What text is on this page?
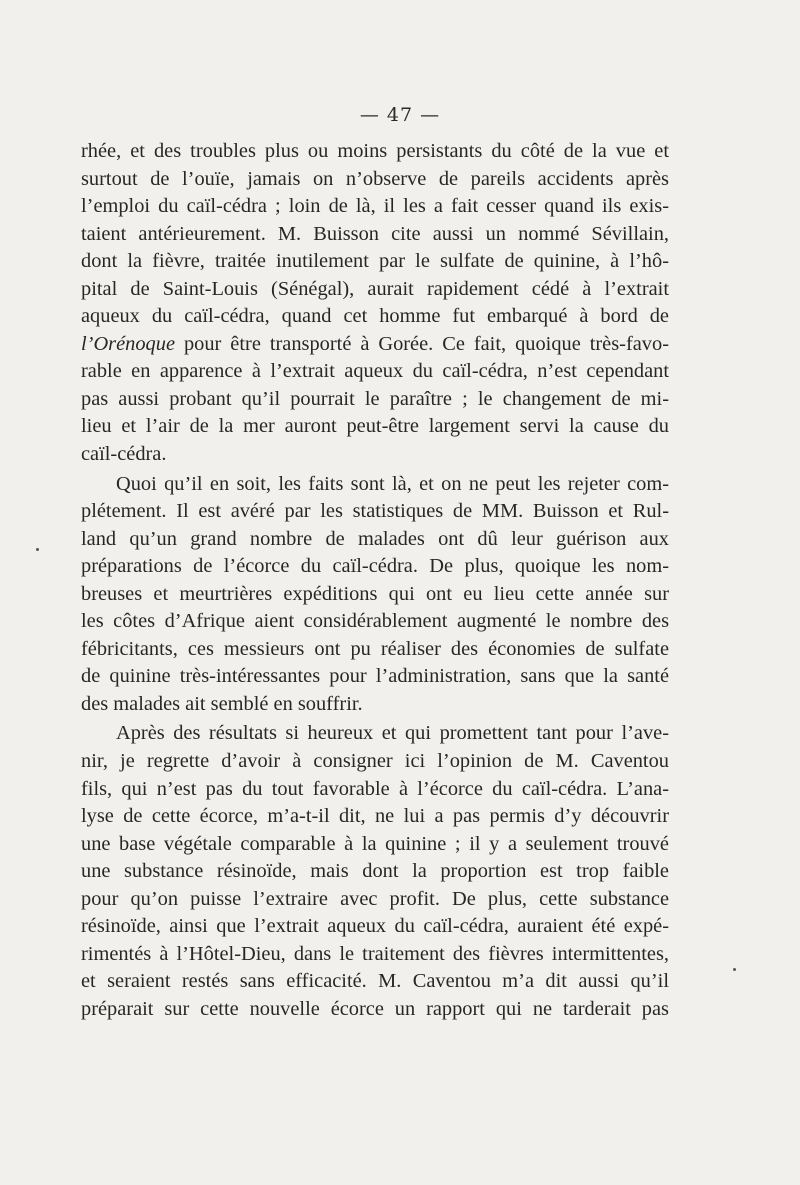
— 47 —
rhée, et des troubles plus ou moins persistants du côté de la vue et
surtout de l’ouïe, jamais on n’observe de pareils accidents après
l’emploi du caïl-cédra ; loin de là, il les a fait cesser quand ils exis-
taient antérieurement. M. Buisson cite aussi un nommé Sévillain,
dont la fièvre, traitée inutilement par le sulfate de quinine, à l’hô-
pital de Saint-Louis (Sénégal), aurait rapidement cédé à l’extrait
aqueux du caïl-cédra, quand cet homme fut embarqué à bord de
l’Orénoque pour être transporté à Gorée. Ce fait, quoique très-favo-
rable en apparence à l’extrait aqueux du caïl-cédra, n’est cependant
pas aussi probant qu’il pourrait le paraître ; le changement de mi-
lieu et l’air de la mer auront peut-être largement servi la cause du
caïl-cédra.
Quoi qu’il en soit, les faits sont là, et on ne peut les rejeter com-
plétement. Il est avéré par les statistiques de MM. Buisson et Rul-
land qu’un grand nombre de malades ont dû leur guérison aux
préparations de l’écorce du caïl-cédra. De plus, quoique les nom-
breuses et meurtrières expéditions qui ont eu lieu cette année sur
les côtes d’Afrique aient considérablement augmenté le nombre des
fébricitants, ces messieurs ont pu réaliser des économies de sulfate
de quinine très-intéressantes pour l’administration, sans que la santé
des malades ait semblé en souffrir.
Après des résultats si heureux et qui promettent tant pour l’ave-
nir, je regrette d’avoir à consigner ici l’opinion de M. Caventou
fils, qui n’est pas du tout favorable à l’écorce du caïl-cédra. L’ana-
lyse de cette écorce, m’a-t-il dit, ne lui a pas permis d’y découvrir
une base végétale comparable à la quinine ; il y a seulement trouvé
une substance résinoïde, mais dont la proportion est trop faible
pour qu’on puisse l’extraire avec profit. De plus, cette substance
résinoïde, ainsi que l’extrait aqueux du caïl-cédra, auraient été expé-
rimentés à l’Hôtel-Dieu, dans le traitement des fièvres intermittentes,
et seraient restés sans efficacité. M. Caventou m’a dit aussi qu’il
préparait sur cette nouvelle écorce un rapport qui ne tarderait pas
